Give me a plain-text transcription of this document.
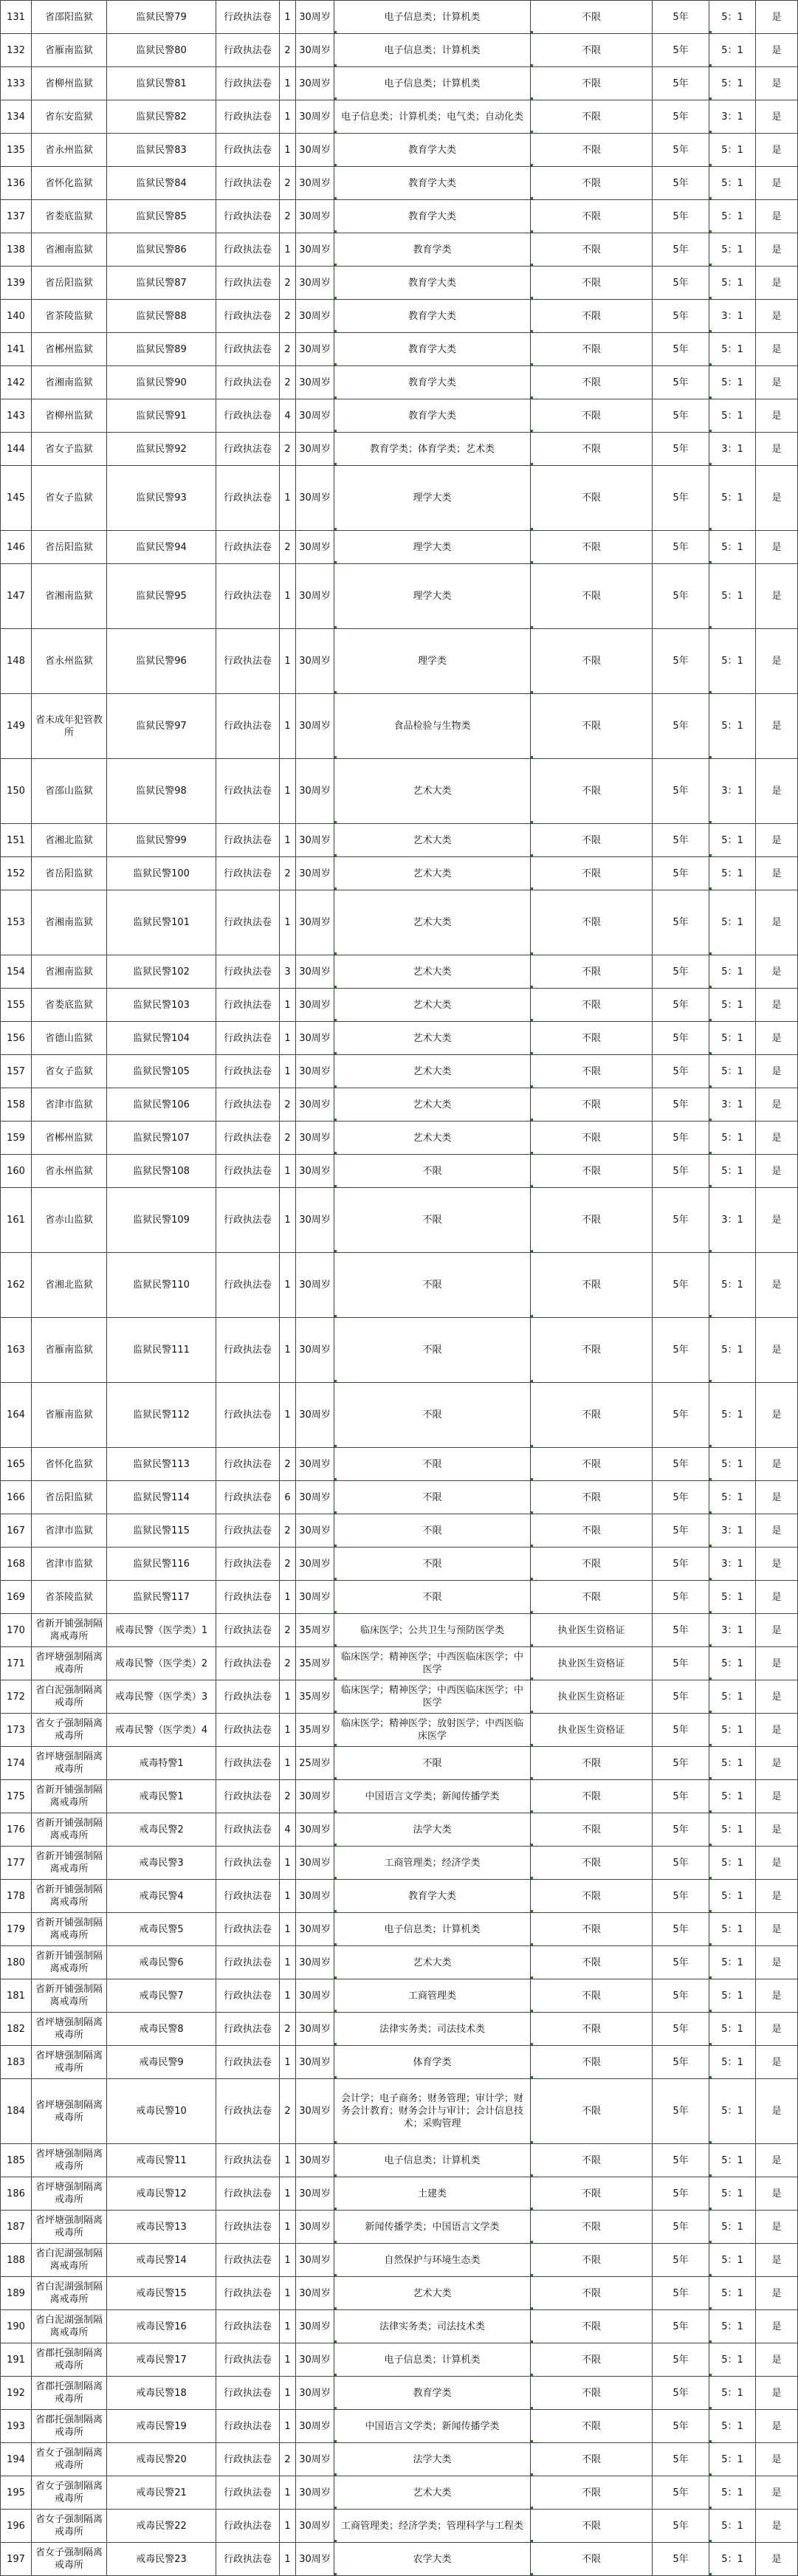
131	省邵阳监狱	监狱民警79	行政执法卷	1	30周岁	电子信息类；计算机类	不限	5年	5：1	是
132	省雁南监狱	监狱民警80	行政执法卷	2	30周岁	电子信息类；计算机类	不限	5年	5：1	是
133	省柳州监狱	监狱民警81	行政执法卷	1	30周岁	电子信息类；计算机类	不限	5年	5：1	是
134	省东安监狱	监狱民警82	行政执法卷	1	30周岁	电子信息类；计算机类；电气类；自动化类	不限	5年	3：1	是
135	省永州监狱	监狱民警83	行政执法卷	1	30周岁	教育学大类	不限	5年	5：1	是
136	省怀化监狱	监狱民警84	行政执法卷	2	30周岁	教育学大类	不限	5年	5：1	是
137	省娄底监狱	监狱民警85	行政执法卷	2	30周岁	教育学大类	不限	5年	5：1	是
138	省湘南监狱	监狱民警86	行政执法卷	1	30周岁	教育学类	不限	5年	5：1	是
139	省岳阳监狱	监狱民警87	行政执法卷	2	30周岁	教育学大类	不限	5年	5：1	是
140	省茶陵监狱	监狱民警88	行政执法卷	2	30周岁	教育学大类	不限	5年	3：1	是
141	省郴州监狱	监狱民警89	行政执法卷	2	30周岁	教育学大类	不限	5年	5：1	是
142	省湘南监狱	监狱民警90	行政执法卷	2	30周岁	教育学大类	不限	5年	5：1	是
143	省柳州监狱	监狱民警91	行政执法卷	4	30周岁	教育学大类	不限	5年	5：1	是
144	省女子监狱	监狱民警92	行政执法卷	2	30周岁	教育学类；体育学类；艺术类	不限	5年	3：1	是
145	省女子监狱	监狱民警93	行政执法卷	1	30周岁	理学大类	不限	5年	5：1	是
146	省岳阳监狱	监狱民警94	行政执法卷	2	30周岁	理学大类	不限	5年	5：1	是
147	省湘南监狱	监狱民警95	行政执法卷	1	30周岁	理学大类	不限	5年	5：1	是
148	省永州监狱	监狱民警96	行政执法卷	1	30周岁	理学类	不限	5年	5：1	是
149	省未成年犯管教所	监狱民警97	行政执法卷	1	30周岁	食品检验与生物类	不限	5年	5：1	是
150	省邵山监狱	监狱民警98	行政执法卷	1	30周岁	艺术大类	不限	5年	3：1	是
151	省湘北监狱	监狱民警99	行政执法卷	1	30周岁	艺术大类	不限	5年	5：1	是
152	省岳阳监狱	监狱民警100	行政执法卷	2	30周岁	艺术大类	不限	5年	5：1	是
153	省湘南监狱	监狱民警101	行政执法卷	1	30周岁	艺术大类	不限	5年	5：1	是
154	省湘南监狱	监狱民警102	行政执法卷	3	30周岁	艺术大类	不限	5年	5：1	是
155	省娄底监狱	监狱民警103	行政执法卷	1	30周岁	艺术大类	不限	5年	5：1	是
156	省德山监狱	监狱民警104	行政执法卷	1	30周岁	艺术大类	不限	5年	5：1	是
157	省女子监狱	监狱民警105	行政执法卷	1	30周岁	艺术大类	不限	5年	5：1	是
158	省津市监狱	监狱民警106	行政执法卷	2	30周岁	艺术大类	不限	5年	3：1	是
159	省郴州监狱	监狱民警107	行政执法卷	2	30周岁	艺术大类	不限	5年	5：1	是
160	省永州监狱	监狱民警108	行政执法卷	1	30周岁	不限	不限	5年	5：1	是
161	省赤山监狱	监狱民警109	行政执法卷	1	30周岁	不限	不限	5年	3：1	是
162	省湘北监狱	监狱民警110	行政执法卷	1	30周岁	不限	不限	5年	5：1	是
163	省雁南监狱	监狱民警111	行政执法卷	1	30周岁	不限	不限	5年	5：1	是
164	省雁南监狱	监狱民警112	行政执法卷	1	30周岁	不限	不限	5年	5：1	是
165	省怀化监狱	监狱民警113	行政执法卷	2	30周岁	不限	不限	5年	5：1	是
166	省岳阳监狱	监狱民警114	行政执法卷	6	30周岁	不限	不限	5年	5：1	是
167	省津市监狱	监狱民警115	行政执法卷	2	30周岁	不限	不限	5年	3：1	是
168	省津市监狱	监狱民警116	行政执法卷	2	30周岁	不限	不限	5年	3：1	是
169	省茶陵监狱	监狱民警117	行政执法卷	1	30周岁	不限	不限	5年	5：1	是
170	省新开铺强制隔离戒毒所	戒毒民警（医学类）1	行政执法卷	2	35周岁	临床医学；公共卫生与预防医学类	执业医生资格证	5年	3：1	是
171	省坪塘强制隔离戒毒所	戒毒民警（医学类）2	行政执法卷	2	35周岁	临床医学；精神医学；中西医临床医学；中医学	执业医生资格证	5年	5：1	是
172	省白泥强制隔离戒毒所	戒毒民警（医学类）3	行政执法卷	1	35周岁	临床医学；精神医学；中西医临床医学；中医学	执业医生资格证	5年	5：1	是
173	省女子强制隔离戒毒所	戒毒民警（医学类）4	行政执法卷	1	35周岁	临床医学；精神医学；放射医学；中西医临床医学	执业医生资格证	5年	5：1	是
174	省坪塘强制隔离戒毒所	戒毒特警1	行政执法卷	1	25周岁	不限	不限	5年	5：1	是
175	省新开铺强制隔离戒毒所	戒毒民警1	行政执法卷	2	30周岁	中国语言文学类；新闻传播学类	不限	5年	5：1	是
176	省新开铺强制隔离戒毒所	戒毒民警2	行政执法卷	4	30周岁	法学大类	不限	5年	5：1	是
177	省新开铺强制隔离戒毒所	戒毒民警3	行政执法卷	1	30周岁	工商管理类；经济学类	不限	5年	5：1	是
178	省新开铺强制隔离戒毒所	戒毒民警4	行政执法卷	1	30周岁	教育学大类	不限	5年	5：1	是
179	省新开铺强制隔离戒毒所	戒毒民警5	行政执法卷	1	30周岁	电子信息类；计算机类	不限	5年	5：1	是
180	省新开铺强制隔离戒毒所	戒毒民警6	行政执法卷	1	30周岁	艺术大类	不限	5年	5：1	是
181	省新开铺强制隔离戒毒所	戒毒民警7	行政执法卷	1	30周岁	工商管理类	不限	5年	5：1	是
182	省坪塘强制隔离戒毒所	戒毒民警8	行政执法卷	2	30周岁	法律实务类；司法技术类	不限	5年	5：1	是
183	省坪塘强制隔离戒毒所	戒毒民警9	行政执法卷	1	30周岁	体育学类	不限	5年	5：1	是
184	省坪塘强制隔离戒毒所	戒毒民警10	行政执法卷	2	30周岁	会计学；电子商务；财务管理；审计学；财务会计教育；财务会计与审计；会计信息技术；采购管理	不限	5年	5：1	是
185	省坪塘强制隔离戒毒所	戒毒民警11	行政执法卷	1	30周岁	电子信息类；计算机类	不限	5年	5：1	是
186	省坪塘强制隔离戒毒所	戒毒民警12	行政执法卷	1	30周岁	土建类	不限	5年	5：1	是
187	省坪塘强制隔离戒毒所	戒毒民警13	行政执法卷	1	30周岁	新闻传播学类；中国语言文学类	不限	5年	5：1	是
188	省白泥湖强制隔离戒毒所	戒毒民警14	行政执法卷	1	30周岁	自然保护与环境生态类	不限	5年	5：1	是
189	省白泥湖强制隔离戒毒所	戒毒民警15	行政执法卷	1	30周岁	艺术大类	不限	5年	5：1	是
190	省白泥湖强制隔离戒毒所	戒毒民警16	行政执法卷	1	30周岁	法律实务类；司法技术类	不限	5年	5：1	是
191	省郡托强制隔离戒毒所	戒毒民警17	行政执法卷	1	30周岁	电子信息类；计算机类	不限	5年	5：1	是
192	省郡托强制隔离戒毒所	戒毒民警18	行政执法卷	1	30周岁	教育学类	不限	5年	5：1	是
193	省郡托强制隔离戒毒所	戒毒民警19	行政执法卷	1	30周岁	中国语言文学类；新闻传播学类	不限	5年	5：1	是
194	省女子强制隔离戒毒所	戒毒民警20	行政执法卷	2	30周岁	法学大类	不限	5年	5：1	是
195	省女子强制隔离戒毒所	戒毒民警21	行政执法卷	1	30周岁	艺术大类	不限	5年	5：1	是
196	省女子强制隔离戒毒所	戒毒民警22	行政执法卷	1	30周岁	工商管理类；经济学类；管理科学与工程类	不限	5年	5：1	是
197	省女子强制隔离戒毒所	戒毒民警23	行政执法卷	1	30周岁	农学大类	不限	5年	5：1	是
